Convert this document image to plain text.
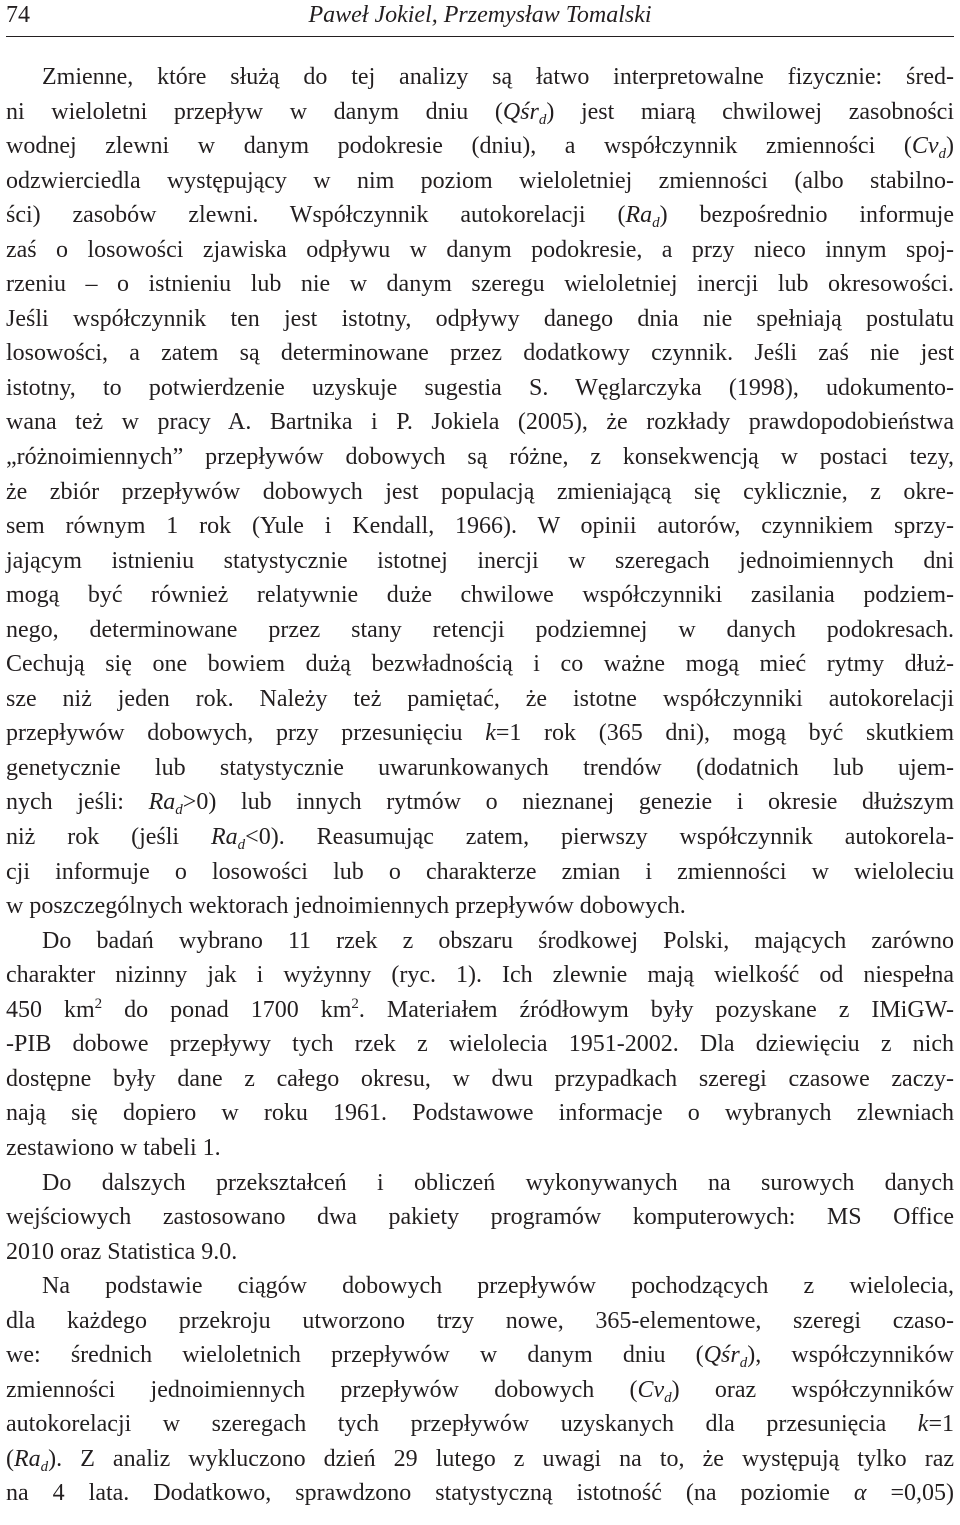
74	Paweł Jokiel, Przemysław Tomalski
Zmienne, które służą do tej analizy są łatwo interpretowalne fizycznie: śred-
ni wieloletni przepływ w danym dniu (Qśr$_d$) jest miarą chwilowej zasobności
wodnej zlewni w danym podokresie (dniu), a współczynnik zmienności $(Cv_d)$
odzwierciedla występujący w nim poziom wieloletniej zmienności (albo stabilno-
ści) zasobów zlewni. Współczynnik autokorelacji $(Ra_d)$ bezpośrednio informuje
zaś o losowości zjawiska odpływu w danym podokresie, a przy nieco innym spoj-
rzeniu – o istnieniu lub nie w danym szeregu wieloletniej inercji lub okresowości.
Jeśli współczynnik ten jest istotny, odpływy danego dnia nie spełniają postulatu
losowości, a zatem są determinowane przez dodatkowy czynnik. Jeśli zaś nie jest
istotny, to potwierdzenie uzyskuje sugestia S. Węglarczyka (1998), udokumento-
wana też w pracy A. Bartnika i P. Jokiela (2005), że rozkłady prawdopodobieństwa
„różnoimiennych” przepływów dobowych są różne, z konsekwencją w postaci tezy,
że zbiór przepływów dobowych jest populacją zmieniającą się cyklicznie, z okre-
sem równym 1 rok (Yule i Kendall, 1966). W opinii autorów, czynnikiem sprzy-
jającym istnieniu statystycznie istotnej inercji w szeregach jednoimiennych dni
mogą być również relatywnie duże chwilowe współczynniki zasilania podziem-
nego, determinowane przez stany retencji podziemnej w danych podokresach.
Cechują się one bowiem dużą bezwładnością i co ważne mogą mieć rytmy dłuż-
sze niż jeden rok. Należy też pamiętać, że istotne współczynniki autokorelacji
przepływów dobowych, przy przesunięciu k=1 rok (365 dni), mogą być skutkiem
genetycznie lub statystycznie uwarunkowanych trendów (dodatnich lub ujem-
nych jeśli: $Ra_d>0$) lub innych rytmów o nieznanej genezie i okresie dłuższym
niż rok (jeśli $Ra_d<0$). Reasumując zatem, pierwszy współczynnik autokorela-
cji informuje o losowości lub o charakterze zmian i zmienności w wieloleciu
w poszczególnych wektorach jednoimiennych przepływów dobowych.
Do badań wybrano 11 rzek z obszaru środkowej Polski, mających zarówno
charakter nizinny jak i wyżynny (ryc. 1). Ich zlewnie mają wielkość od niespełna
450 $km^2$ do ponad 1700 $km^2$. Materiałem źródłowym były pozyskane z IMiGW-
-PIB dobowe przepływy tych rzek z wielolecia 1951-2002. Dla dziewięciu z nich
dostępne były dane z całego okresu, w dwu przypadkach szeregi czasowe zaczy-
nają się dopiero w roku 1961. Podstawowe informacje o wybranych zlewniach
zestawiono w tabeli 1.
Do dalszych przekształceń i obliczeń wykonywanych na surowych danych
wejściowych zastosowano dwa pakiety programów komputerowych: MS Office
2010 oraz Statistica 9.0.
Na podstawie ciągów dobowych przepływów pochodzących z wielolecia,
dla każdego przekroju utworzono trzy nowe, 365-elementowe, szeregi czaso-
we: średnich wieloletnich przepływów w danym dniu (Qśr$_d$), współczynników
zmienności jednoimiennych przepływów dobowych $(Cv_d)$ oraz współczynników
autokorelacji w szeregach tych przepływów uzyskanych dla przesunięcia k=1
$(Ra_d)$. Z analiz wykluczono dzień 29 lutego z uwagi na to, że występują tylko raz
na 4 lata. Dodatkowo, sprawdzono statystyczną istotność (na poziomie α =0,05)
